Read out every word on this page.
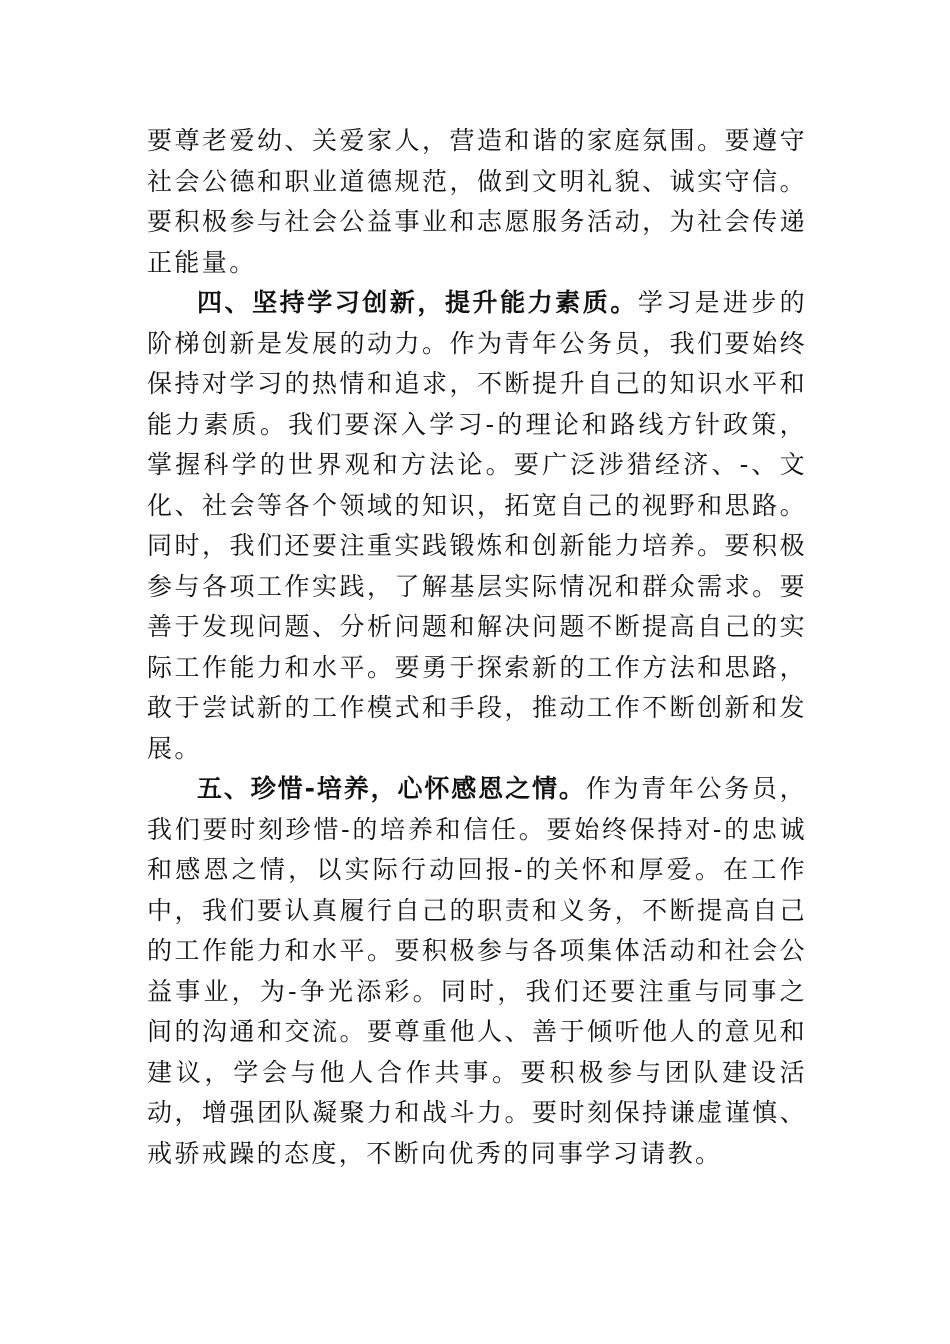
要尊老爱幼、关爱家人，营造和谐的家庭氛围。要遵守社会公德和职业道德规范，做到文明礼貌、诚实守信。要积极参与社会公益事业和志愿服务活动，为社会传递正能量。

四、坚持学习创新，提升能力素质。学习是进步的阶梯创新是发展的动力。作为青年公务员，我们要始终保持对学习的热情和追求，不断提升自己的知识水平和能力素质。我们要深入学习-的理论和路线方针政策，掌握科学的世界观和方法论。要广泛涉猎经济、-、文化、社会等各个领域的知识，拓宽自己的视野和思路。同时，我们还要注重实践锻炼和创新能力培养。要积极参与各项工作实践，了解基层实际情况和群众需求。要善于发现问题、分析问题和解决问题不断提高自己的实际工作能力和水平。要勇于探索新的工作方法和思路，敢于尝试新的工作模式和手段，推动工作不断创新和发展。

五、珍惜-培养，心怀感恩之情。作为青年公务员，我们要时刻珍惜-的培养和信任。要始终保持对-的忠诚和感恩之情，以实际行动回报-的关怀和厚爱。在工作中，我们要认真履行自己的职责和义务，不断提高自己的工作能力和水平。要积极参与各项集体活动和社会公益事业，为-争光添彩。同时，我们还要注重与同事之间的沟通和交流。要尊重他人、善于倾听他人的意见和建议，学会与他人合作共事。要积极参与团队建设活动，增强团队凝聚力和战斗力。要时刻保持谦虚谨慎、戒骄戒躁的态度，不断向优秀的同事学习请教。
